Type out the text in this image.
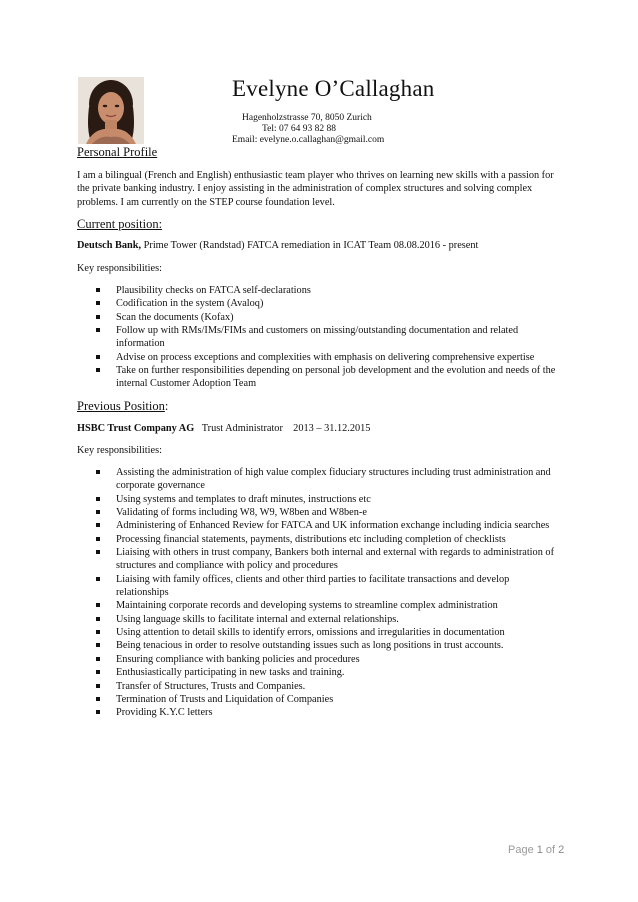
Evelyne O’Callaghan
Hagenholzstrasse 70, 8050 Zurich
Tel: 07 64 93 82 88
Email: evelyne.o.callaghan@gmail.com
Personal Profile
I am a bilingual (French and English) enthusiastic team player who thrives on learning new skills with a passion for the private banking industry. I enjoy assisting in the administration of complex structures and solving complex problems. I am currently on the STEP course foundation level.
Current position:
Deutsch Bank, Prime Tower (Randstad) FATCA remediation in ICAT Team 08.08.2016 - present
Key responsibilities:
Plausibility checks on FATCA self-declarations
Codification in the system (Avaloq)
Scan the documents (Kofax)
Follow up with RMs/IMs/FIMs and customers on missing/outstanding documentation and related information
Advise on process exceptions and complexities with emphasis on delivering comprehensive expertise
Take on further responsibilities depending on personal job development and the evolution and needs of the internal Customer Adoption Team
Previous Position:
HSBC Trust Company AG   Trust Administrator    2013 – 31.12.2015
Key responsibilities:
Assisting the administration of high value complex fiduciary structures including trust administration and corporate governance
Using systems and templates to draft minutes, instructions etc
Validating of forms including W8, W9, W8ben and W8ben-e
Administering of Enhanced Review for FATCA and UK information exchange including indicia searches
Processing financial statements, payments, distributions etc including completion of checklists
Liaising with others in trust company, Bankers both internal and external with regards to administration of structures and compliance with policy and procedures
Liaising with family offices, clients and other third parties to facilitate transactions and develop relationships
Maintaining corporate records and developing systems to streamline complex administration
Using language skills to facilitate internal and external relationships.
Using attention to detail skills to identify errors, omissions and irregularities in documentation
Being tenacious in order to resolve outstanding issues such as long positions in trust accounts.
Ensuring compliance with banking policies and procedures
Enthusiastically participating in new tasks and training.
Transfer of Structures, Trusts and Companies.
Termination of Trusts and Liquidation of Companies
Providing K.Y.C letters
Page 1 of 2
